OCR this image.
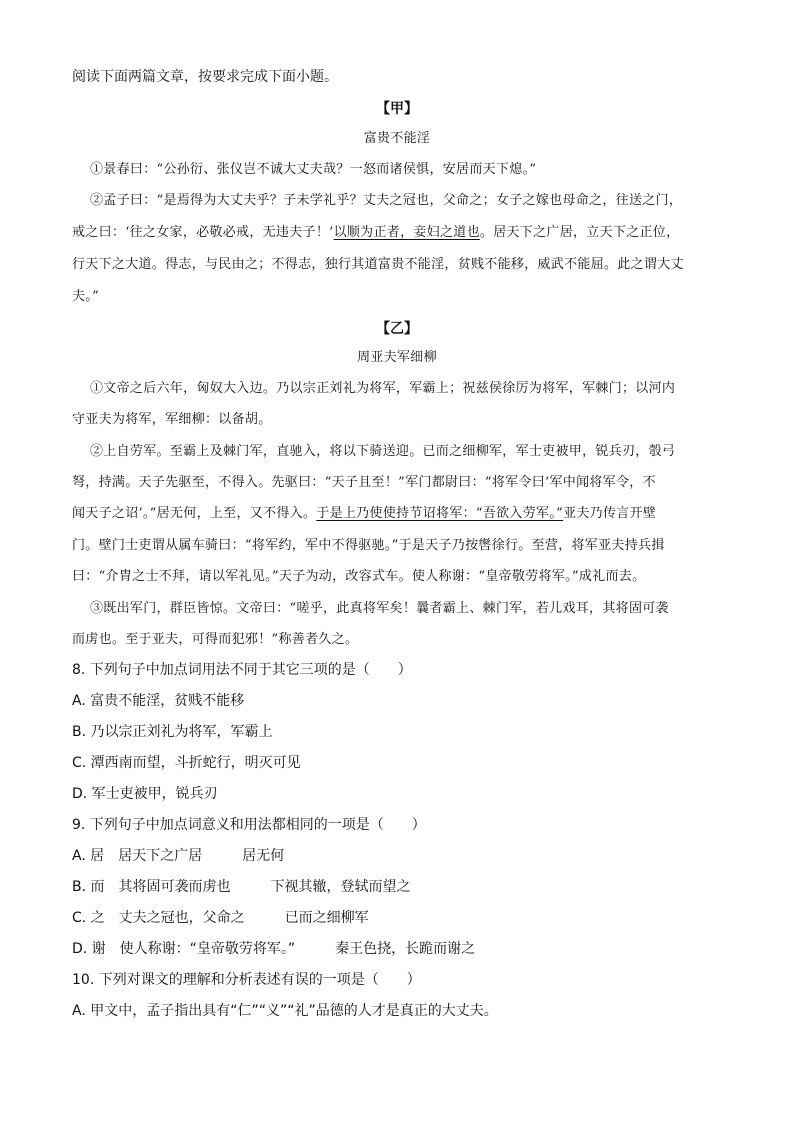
阅读下面两篇文章，按要求完成下面小题。
【甲】
富贵不能淫
①景春曰：“公孙衍、张仪岂不诚大丈夫哉？一怒而诸侯惧，安居而天下熄。”
②孟子曰：“是焉得为大丈夫乎？子未学礼乎？丈夫之冠也，父命之；女子之嫁也母命之，往送之门，
戒之曰：‘往之女家，必敬必戒，无违夫子！’以顺为正者，妾妇之道也。居天下之广居，立天下之正位，
行天下之大道。得志，与民由之；不得志，独行其道富贵不能淫，贫贱不能移，威武不能屈。此之谓大丈
夫。”
【乙】
周亚夫军细柳
①文帝之后六年，匈奴大入边。乃以宗正刘礼为将军，军霸上；祝兹侯徐厉为将军，军棘门；以河内
守亚夫为将军，军细柳：以备胡。
②上自劳军。至霸上及棘门军，直驰入，将以下骑送迎。已而之细柳军，军士吏被甲，锐兵刃，彀弓
弩，持满。天子先驱至，不得入。先驱曰：“天子且至！”军门都尉曰：“将军令曰‘军中闻将军令，不
闻天子之诏’。”居无何，上至，又不得入。于是上乃使使持节诏将军：“吾欲入劳军。”亚夫乃传言开壁
门。壁门士吏谓从属车骑曰：“将军约，军中不得驱驰。”于是天子乃按辔徐行。至营，将军亚夫持兵揖
曰：“介胄之士不拜，请以军礼见。”天子为动，改容式车。使人称谢：“皇帝敬劳将军。”成礼而去。
③既出军门，群臣皆惊。文帝曰：“嗟乎，此真将军矣！曩者霸上、棘门军，若儿戏耳，其将固可袭
而虏也。至于亚夫，可得而犯邪！”称善者久之。
8. 下列句子中加点词用法不同于其它三项的是（　　）
A. 富贵不能淫，贫贱不能移
B. 乃以宗正刘礼为将军，军霸上
C. 潭西南而望，斗折蛇行，明灭可见
D. 军士吏被甲，锐兵刃
9. 下列句子中加点词意义和用法都相同的一项是（　　）
A. 居　居天下之广居	居无何
B. 而　其将固可袭而虏也	下视其辙，登轼而望之
C. 之　丈夫之冠也，父命之	已而之细柳军
D. 谢　使人称谢：“皇帝敬劳将军。”	秦王色挠，长跪而谢之
10. 下列对课文的理解和分析表述有误的一项是（　　）
A. 甲文中，孟子指出具有“仁”“义”“礼”品德的人才是真正的大丈夫。
